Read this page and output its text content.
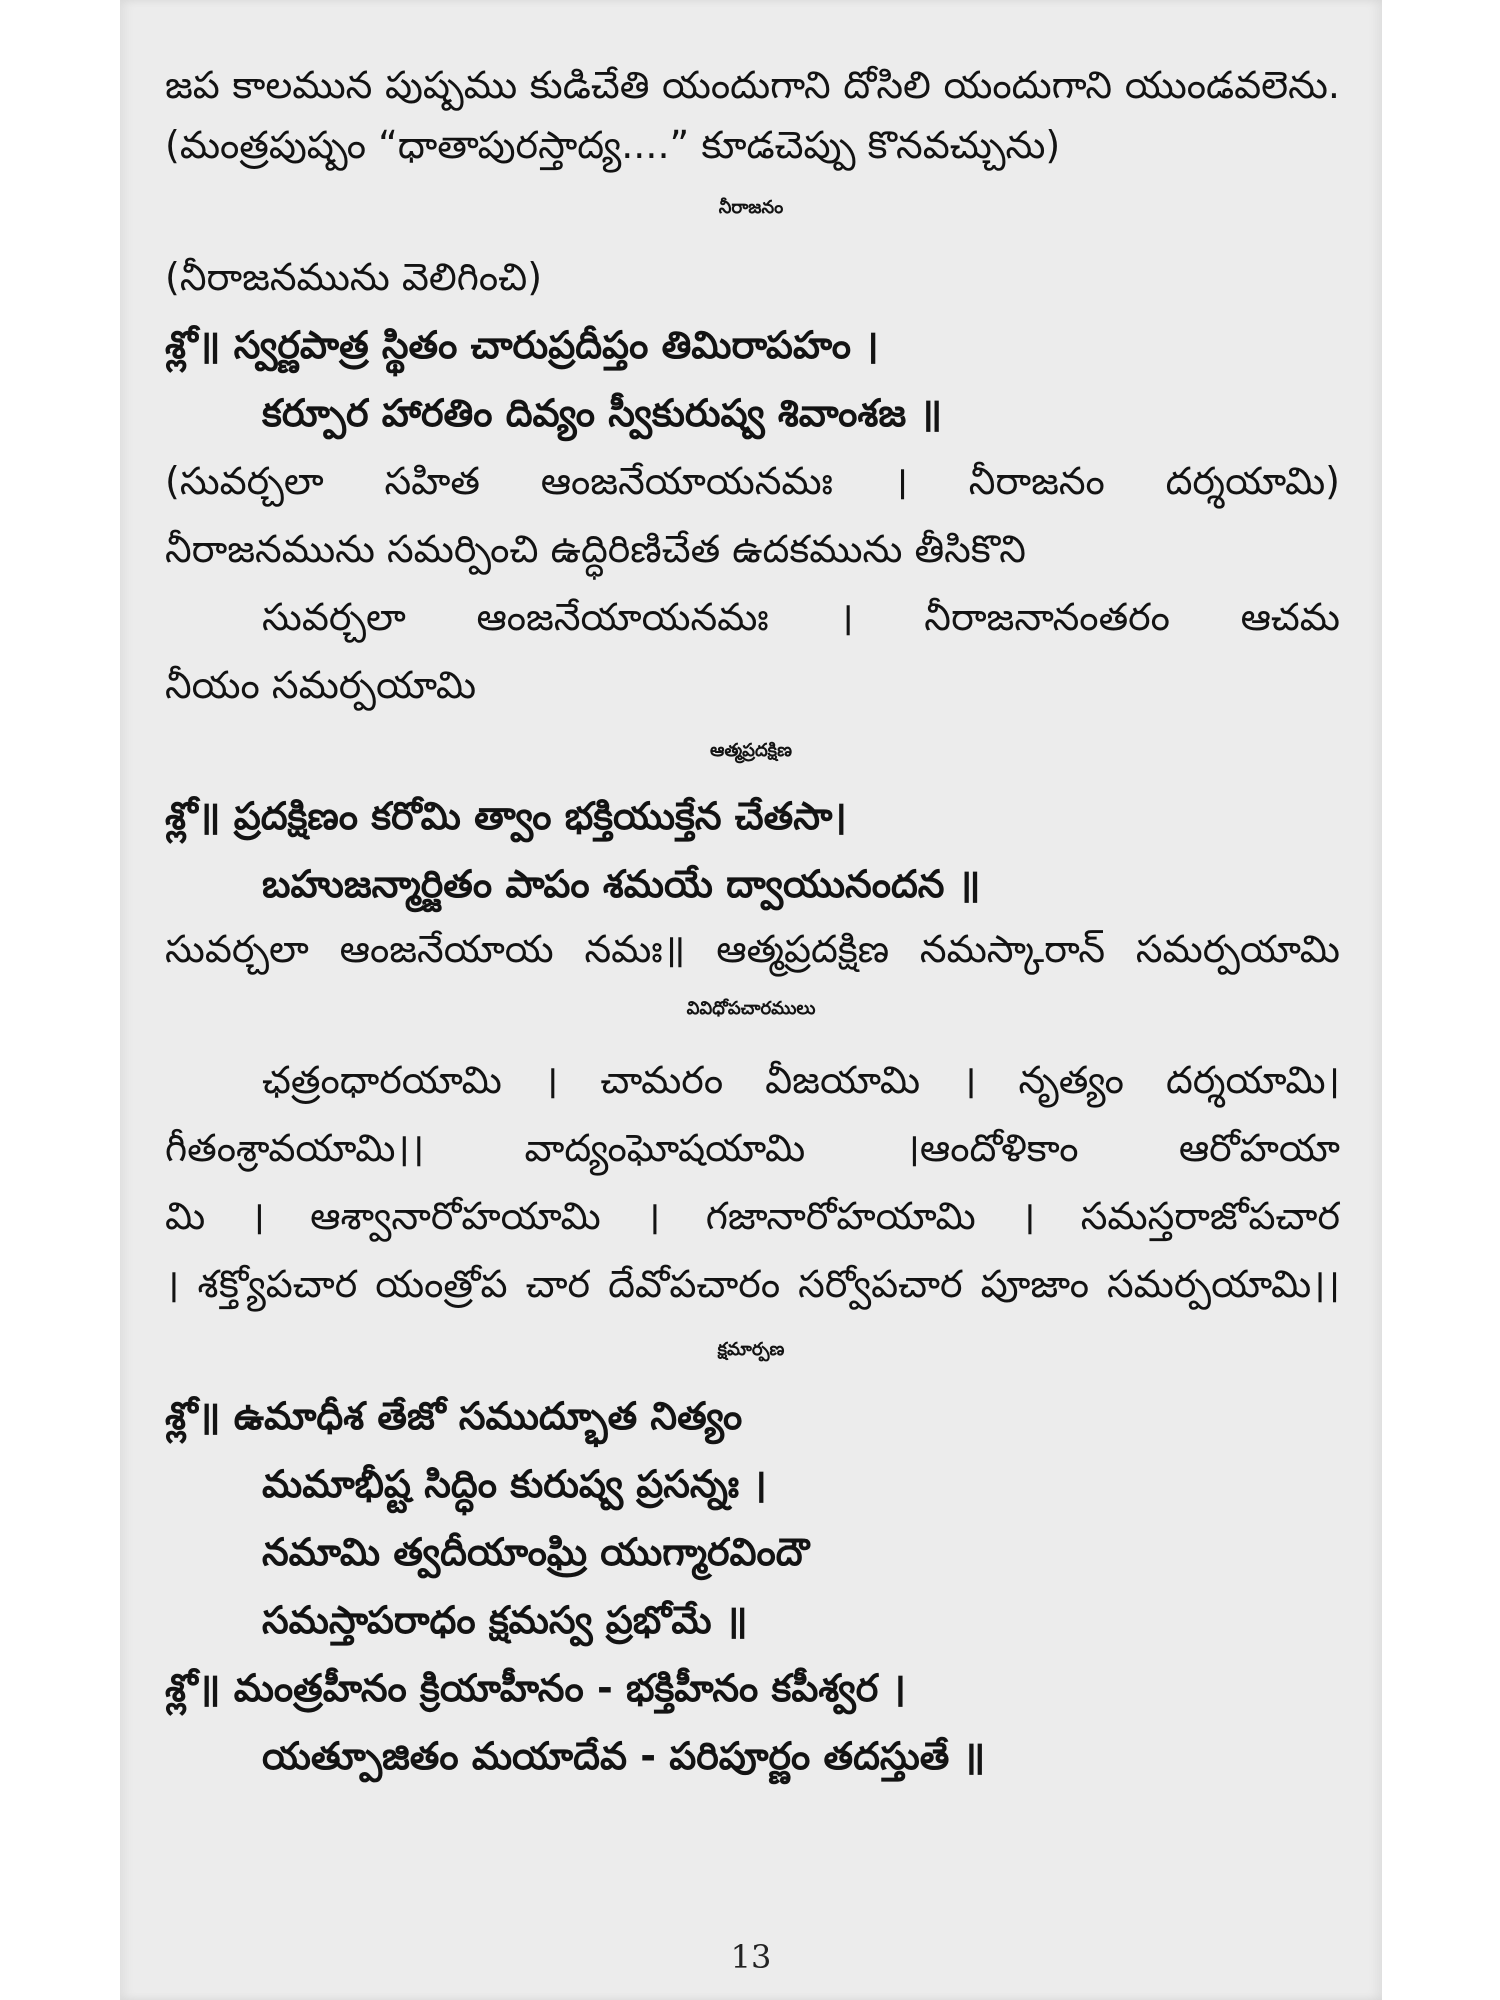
జప కాలమున పుష్పము కుడిచేతి యందుగాని దోసిలి యందుగాని యుండవలెను.
(మంత్రపుష్పం “ధాతాపురస్తాద్య....” కూడచెప్పు కొనవచ్చును)
నీరాజనం
(నీరాజనమును వెలిగించి)
శ్లో॥ స్వర్ణపాత్ర స్థితం చారుప్రదీప్తం తిమిరాపహం ।
కర్పూర హారతిం దివ్యం స్వీకురుష్వ శివాంశజ ॥
(సువర్చలా సహిత ఆంజనేయాయనమః । నీరాజనం దర్శయామి)
నీరాజనమును సమర్పించి ఉద్ధిరిణిచేత ఉదకమును తీసికొని
సువర్చలా ఆంజనేయాయనమః । నీరాజనానంతరం ఆచమ
నీయం సమర్పయామి
ఆత్మప్రదక్షిణ
శ్లో॥ ప్రదక్షిణం కరోమి త్వాం భక్తియుక్తేన చేతసా।
బహుజన్మార్జితం పాపం శమయే ద్వాయునందన ॥
సువర్చలా ఆంజనేయాయ నమః॥ ఆత్మప్రదక్షిణ నమస్కారాన్ సమర్పయామి
వివిధోపచారములు
ఛత్రంధారయామి । చామరం వీజయామి । నృత్యం దర్శయామి।
గీతంశ్రావయామి।। వాద్యంఘోషయామి ।ఆందోళికాం ఆరోహయా
మి । ఆశ్వానారోహయామి । గజానారోహయామి । సమస్తరాజోపచార
। శక్త్యోపచార యంత్రోప చార దేవోపచారం సర్వోపచార పూజాం సమర్పయామి।।
క్షమార్పణ
శ్లో॥ ఉమాధీశ తేజో సముద్భూత నిత్యం
మమాభీష్ట సిద్ధిం కురుష్వ ప్రసన్నః ।
నమామి త్వదీయాంఘ్రి యుగ్మారవిందౌ
సమస్తాపరాధం క్షమస్వ ప్రభోమే ॥
శ్లో॥ మంత్రహీనం క్రియాహీనం - భక్తిహీనం కపీశ్వర ।
యత్పూజితం మయాదేవ - పరిపూర్ణం తదస్తుతే ॥
13
